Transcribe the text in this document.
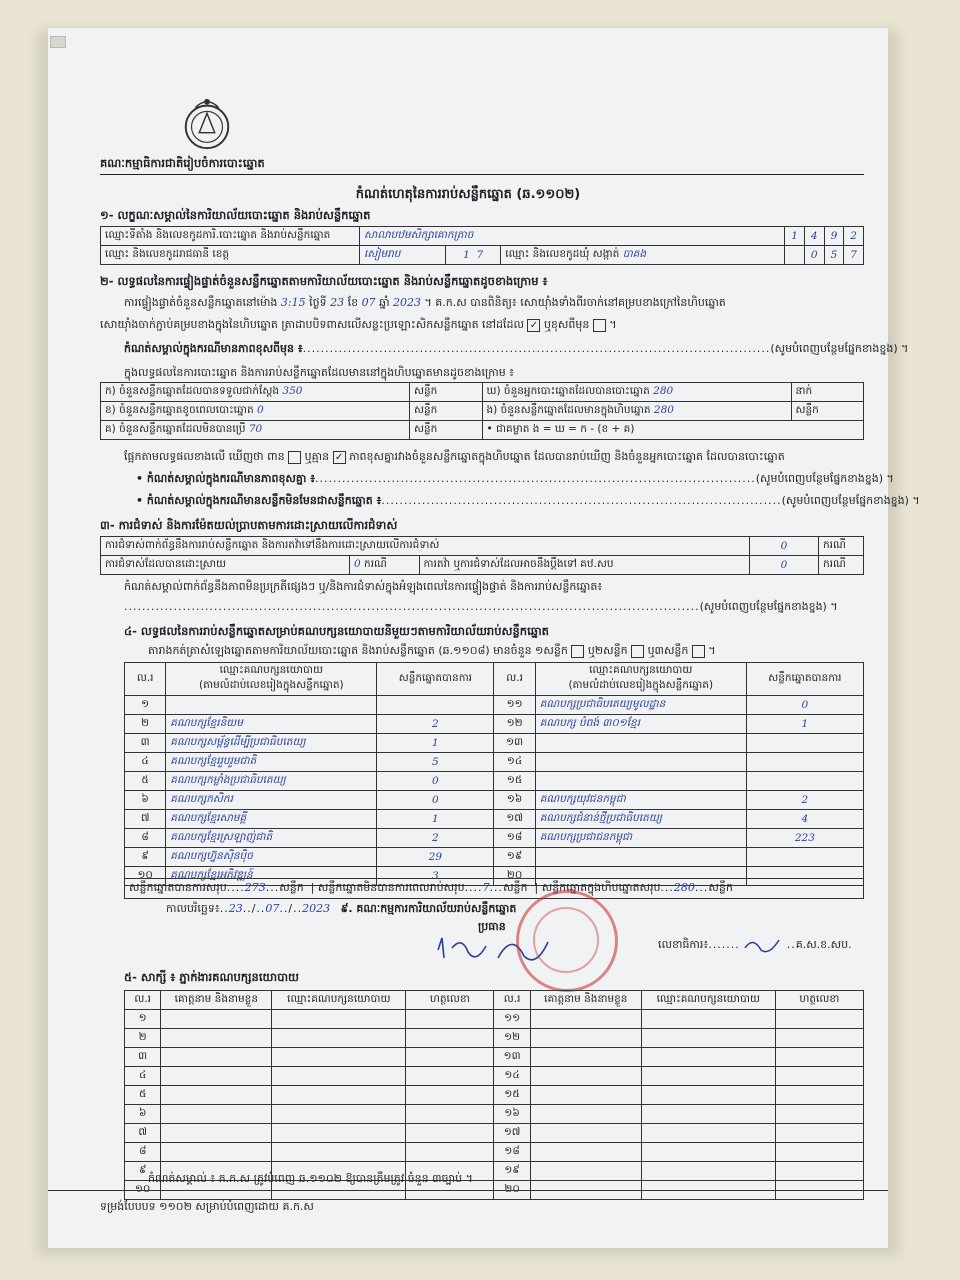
គណៈកម្មាធិការជាតិរៀបចំការបោះឆ្នោត
កំណត់ហេតុនៃការរាប់សន្លឹកឆ្នោត (ឆ.១១០២)
១- លក្ខណៈសម្គាល់នៃការិយាល័យបោះឆ្នោត និងរាប់សន្លឹកឆ្នោត
ឈ្មោះទីតាំង និងលេខកូដការិ.បោះឆ្នោត និងរាប់សន្លឹកឆ្នោត	សាលាបឋមសិក្សាគោកត្រាច			1	4	9	2
ឈ្មោះ និងលេខកូដរាជធានី ខេត្ត	សៀមរាប	1 7	ឈ្មោះ និងលេខកូដឃុំ សង្កាត់ បាគង		0	5	7
២- លទ្ធផលនៃការផ្ទៀងផ្ទាត់ចំនួនសន្លឹកឆ្នោតតាមការិយាល័យបោះឆ្នោត និងរាប់សន្លឹកឆ្នោតដូចខាងក្រោម ៖
ការផ្ទៀងផ្ទាត់ចំនួនសន្លឹកឆ្នោតនៅម៉ោង 3:15 ថ្ងៃទី 23 ខែ 07 ឆ្នាំ 2023 ។ គ.ក.ស បានពិនិត្យ៖ សោយ៉ាំងទាំងពីរចាក់នៅគម្របខាងក្រៅនៃហិបឆ្នោត
សោយ៉ាំងចាក់ភ្ជាប់គម្របខាងក្នុងនៃហិបឆ្នោត ត្រាដាបបិទពាសលើសន្លះប្រឡោះសិកសន្លឹកឆ្នោត នៅដដែល ✓ ឬខុសពីមុន  ។
កំណត់សម្គាល់ក្នុងករណីមានភាពខុសពីមុន ៖........................................................................................................(សូមបំពេញបន្ថែមផ្នែកខាងខ្នង) ។
ក្នុងលទ្ធផលនៃការបោះឆ្នោត និងការរាប់សន្លឹកឆ្នោតដែលមាននៅក្នុងហិបឆ្នោតមានដូចខាងក្រោម ៖
ក) ចំនួនសន្លឹកឆ្នោតដែលបានទទួលជាក់ស្តែង 350	សន្លឹក	ឃ) ចំនួនអ្នកបោះឆ្នោតដែលបានបោះឆ្នោត 280	នាក់
ខ) ចំនួនសន្លឹកឆ្នោតខូចពេលបោះឆ្នោត 0	សន្លឹក	ង) ចំនួនសន្លឹកឆ្នោតដែលមានក្នុងហិបឆ្នោត 280	សន្លឹក
គ) ចំនួនសន្លឹកឆ្នោតដែលមិនបានប្រើ 70	សន្លឹក	• ជាគម្លាត ង = ឃ = ក - (ខ + គ)	
ផ្អែកតាមលទ្ធផលខាងលើ ឃើញថា ពាន ឬគ្មាន ✓ ភាពខុសគ្នារវាងចំនួនសន្លឹកឆ្នោតក្នុងហិបឆ្នោត ដែលបានរាប់ឃើញ និងចំនួនអ្នកបោះឆ្នោត ដែលបានបោះឆ្នោត
• កំណត់សម្គាល់ក្នុងករណីមានភាពខុសគ្នា ៖..................................................................................................(សូមបំពេញបន្ថែមផ្នែកខាងខ្នង) ។
• កំណត់សម្គាល់ក្នុងករណីមានសន្លឹកមិនមែនជាសន្លឹកឆ្នោត ៖.........................................................................................(សូមបំពេញបន្ថែមផ្នែកខាងខ្នង) ។
៣- ការជំទាស់ និងការម៉ែតយល់ប្រាបតាមការដោះស្រាយលើការជំទាស់
ការជំទាស់ពាក់ព័ន្ធនឹងការរាប់សន្លឹកឆ្នោត និងការតវ៉ាទៅនឹងការដោះស្រាយលើការជំទាស់			0	ករណី
ការជំទាស់ដែលបានដោះស្រាយ	0 ករណី	ការតវ៉ា ឬការជំទាស់ដែលអាចនឹងប្ដឹងទៅ គឋ.សប	0	ករណី
កំណត់សម្គាល់ពាក់ព័ន្ធនឹងភាពមិនប្រក្រតីផ្សេងៗ ឬ/និងការជំទាស់ក្នុងអំឡុងពេលនៃការផ្ទៀងផ្ទាត់ និងការរាប់សន្លឹកឆ្នោត៖
................................................................................................................................(សូមបំពេញបន្ថែមផ្នែកខាងខ្នង) ។
៤- លទ្ធផលនៃការរាប់សន្លឹកឆ្នោតសម្រាប់គណបក្សនយោបាយនីមួយៗតាមការិយាល័យរាប់សន្លឹកឆ្នោត
តារាងកត់ត្រាសំឡេងឆ្នោតតាមការិយាល័យបោះឆ្នោត និងរាប់សន្លឹកឆ្នោត (ឆ.១១០៨) មានចំនួន ១សន្លឹក ឬ២សន្លឹក ឬ៣សន្លឹក  ។
ល.រ	ឈ្មោះគណបក្សនយោបាយ
(តាមលំដាប់លេខរៀងក្នុងសន្លឹកឆ្នោត)	សន្លឹកឆ្នោតបានការ	ល.រ	ឈ្មោះគណបក្សនយោបាយ
(តាមលំដាប់លេខរៀងក្នុងសន្លឹកឆ្នោត)	សន្លឹកឆ្នោតបានការ
១			១១	គណបក្សប្រជាធិបតេយ្យមូលដ្ឋាន	0
២	គណបក្សខ្មែរនិយម	2	១២	គណបក្ស បំពង់ ៣០១ខ្មែរ	1
៣	គណបក្សសម្ព័ន្ធដើម្បីប្រជាធិបតេយ្យ	1	១៣		
៤	គណបក្សខ្មែររួបរួមជាតិ	5	១៤		
៥	គណបក្សកម្លាំងប្រជាធិបតេយ្យ	0	១៥		
៦	គណបក្សកសិករ	0	១៦	គណបក្សយុវជនកម្ពុជា	2
៧	គណបក្សខ្មែរសាមគ្គី	1	១៧	គណបក្សជំនាន់ថ្មីប្រជាធិបតេយ្យ	4
៨	គណបក្សខ្មែរស្រឡាញ់ជាតិ	2	១៨	គណបក្សប្រជាជនកម្ពុជា	223
៩	គណបក្សហ្វ៊ុនស៊ិនប៉ិច	29	១៩		
១០	គណបក្សខ្មែរអភិវឌ្ឍន៍	3	២០		
សន្លឹកឆ្នោតបានការសរុប....273...សន្លឹក  | សន្លឹកឆ្នោតមិនបានការពេលរាប់សរុប....7...សន្លឹក  | សន្លឹកឆ្នោតក្នុងហិបឆ្នោតសរុប...280...សន្លឹក
កាលបរិច្ឆេទ៖..23../..07../..2023 ៩. គណៈកម្មការការិយាល័យរាប់សន្លឹកឆ្នោត
ប្រធាន
លេខាធិការ៖.......	..គ.ស.ខ.សប.
៥- សាក្សី ៖ ភ្នាក់ងារគណបក្សនយោបាយ
ល.រ	គោត្តនាម និងនាមខ្លួន	ឈ្មោះគណបក្សនយោបាយ	ហត្ថលេខា	ល.រ	គោត្តនាម និងនាមខ្លួន	ឈ្មោះគណបក្សនយោបាយ	ហត្ថលេខា
១				១១			
២				១២			
៣				១៣			
៤				១៤			
៥				១៥			
៦				១៦			
៧				១៧			
៨				១៨			
៩				១៩			
១០				២០			
កំណត់សម្គាល់ ៖ គ.ក.ស ត្រូវបំពេញ ឆ.១១០២ ឱ្យបានត្រឹមត្រូវ ចំនួន ៣ច្បាប់ ។
ទម្រង់បែបបទ ១១០២ សម្រាប់បំពេញដោយ គ.ក.ស
